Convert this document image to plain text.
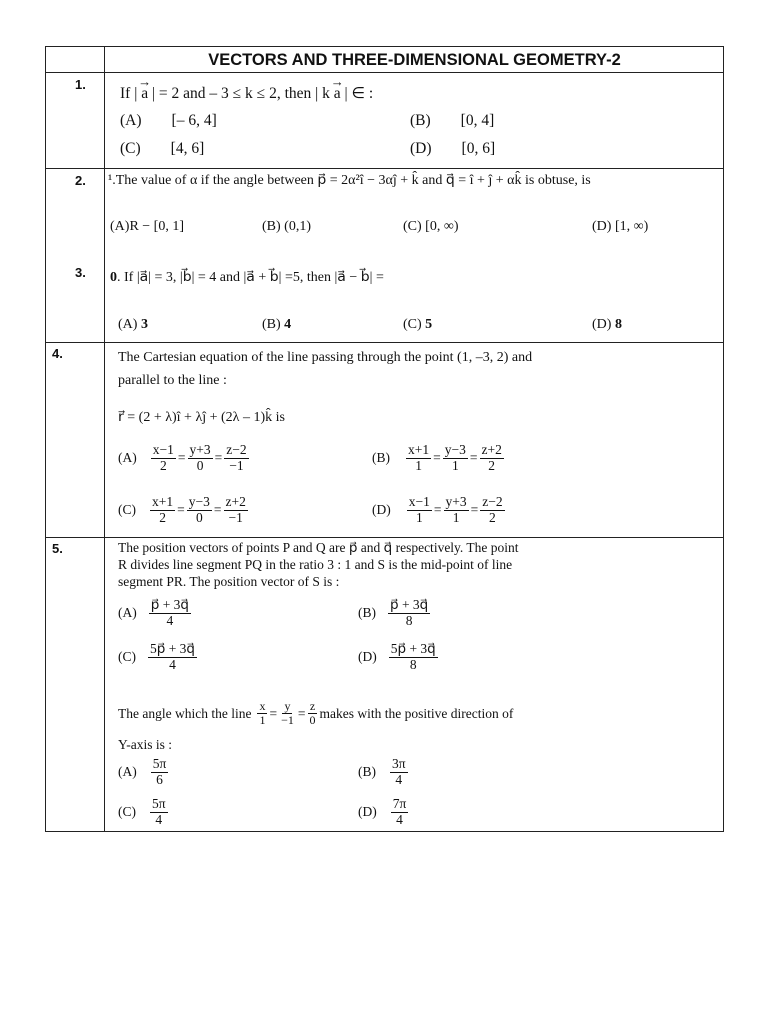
VECTORS AND THREE-DIMENSIONAL GEOMETRY-2
1.
If | → a | = 2 and – 3 ≤ k ≤ 2, then | k → a | ∈ :
(A) [– 6, 4]	(B) [0, 4]
(C) [4, 6]	(D) [0, 6]
2. ¹.The value of α if the angle between p⃗ = 2α²î − 3αĵ + k̂ and q⃗ = î + ĵ + αk̂ is obtuse, is
(A)R − [0, 1]	(B) (0,1)	(C) [0, ∞)	(D) [1, ∞)
3. 0. If |a⃗| = 3, |b⃗| = 4 and |a⃗ + b⃗| =5, then |a⃗ − b⃗| =
(A) 3	(B) 4	(C) 5	(D) 8
4.	The Cartesian equation of the line passing through the point (1, –3, 2) and
parallel to the line :
r⃗ = (2 + λ)î + λĵ + (2λ – 1)k̂ is
$(A) \frac{x-1}{2} = \frac{y+3}{0} = \frac{z-2}{-1}$	$(B) \frac{x+1}{1} = \frac{y-3}{1} = \frac{z+2}{2}$
$(C) \frac{x+1}{2} = \frac{y-3}{0} = \frac{z+2}{-1}$	$(D) \frac{x-1}{1} = \frac{y+3}{1} = \frac{z-2}{2}$
5.	The position vectors of points P and Q are p⃗ and q⃗ respectively. The point
R divides line segment PQ in the ratio 3 : 1 and S is the mid-point of line
segment PR. The position vector of S is :
$(A) \frac{p⃗ + 3q⃗}{4}$	$(B) \frac{p⃗ + 3q⃗}{8}$
$(C) \frac{5p⃗ + 3q⃗}{4}$	$(D) \frac{5p⃗ + 3q⃗}{8}$
The angle which the line $\frac{x}{1} = \frac{y}{-1} = \frac{z}{0}$ makes with the positive direction of
Y-axis is :
$(A) \frac{5\pi}{6}$	$(B) \frac{3\pi}{4}$
$(C) \frac{5\pi}{4}$	$(D) \frac{7\pi}{4}$
